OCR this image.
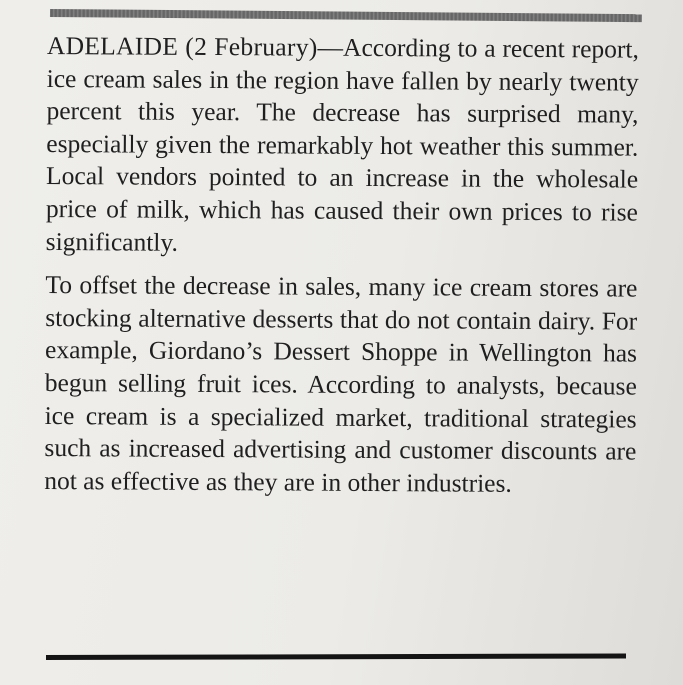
ADELAIDE (2 February)—According to a recent report, ice cream sales in the region have fallen by nearly twenty percent this year. The decrease has surprised many, especially given the remarkably hot weather this summer. Local vendors pointed to an increase in the wholesale price of milk, which has caused their own prices to rise significantly.

To offset the decrease in sales, many ice cream stores are stocking alternative desserts that do not contain dairy. For example, Giordano’s Dessert Shoppe in Wellington has begun selling fruit ices. According to analysts, because ice cream is a specialized market, traditional strategies such as increased advertising and customer discounts are not as effective as they are in other industries.
